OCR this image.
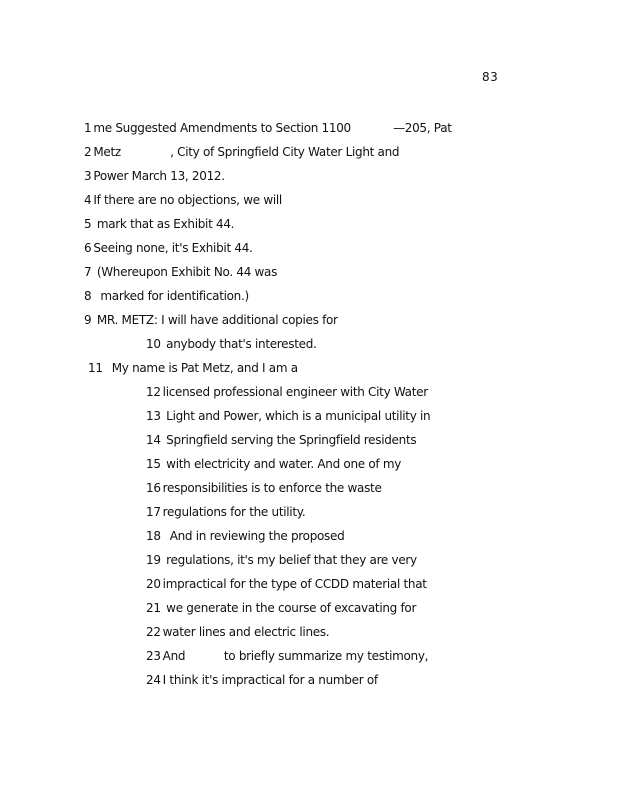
83
1 me Suggested Amendments to Section 1100            —205, Pat
2 Metz              , City of Springfield City Water Light and
3 Power March 13, 2012.
4 If there are no objections, we will
5 mark that as Exhibit 44.
6 Seeing none, it's Exhibit 44.
7 (Whereupon Exhibit No. 44 was
8  marked for identification.)
9 MR. METZ: I will have additional copies for
10 anybody that's interested.
11  My name is Pat Metz, and I am a
12 licensed professional engineer with City Water
13 Light and Power, which is a municipal utility in
14 Springfield serving the Springfield residents
15 with electricity and water. And one of my
16 responsibilities is to enforce the waste
17 regulations for the utility.
18  And in reviewing the proposed
19 regulations, it's my belief that they are very
20 impractical for the type of CCDD material that
21 we generate in the course of excavating for
22 water lines and electric lines.
23 And           to briefly summarize my testimony,
24 I think it's impractical for a number of
